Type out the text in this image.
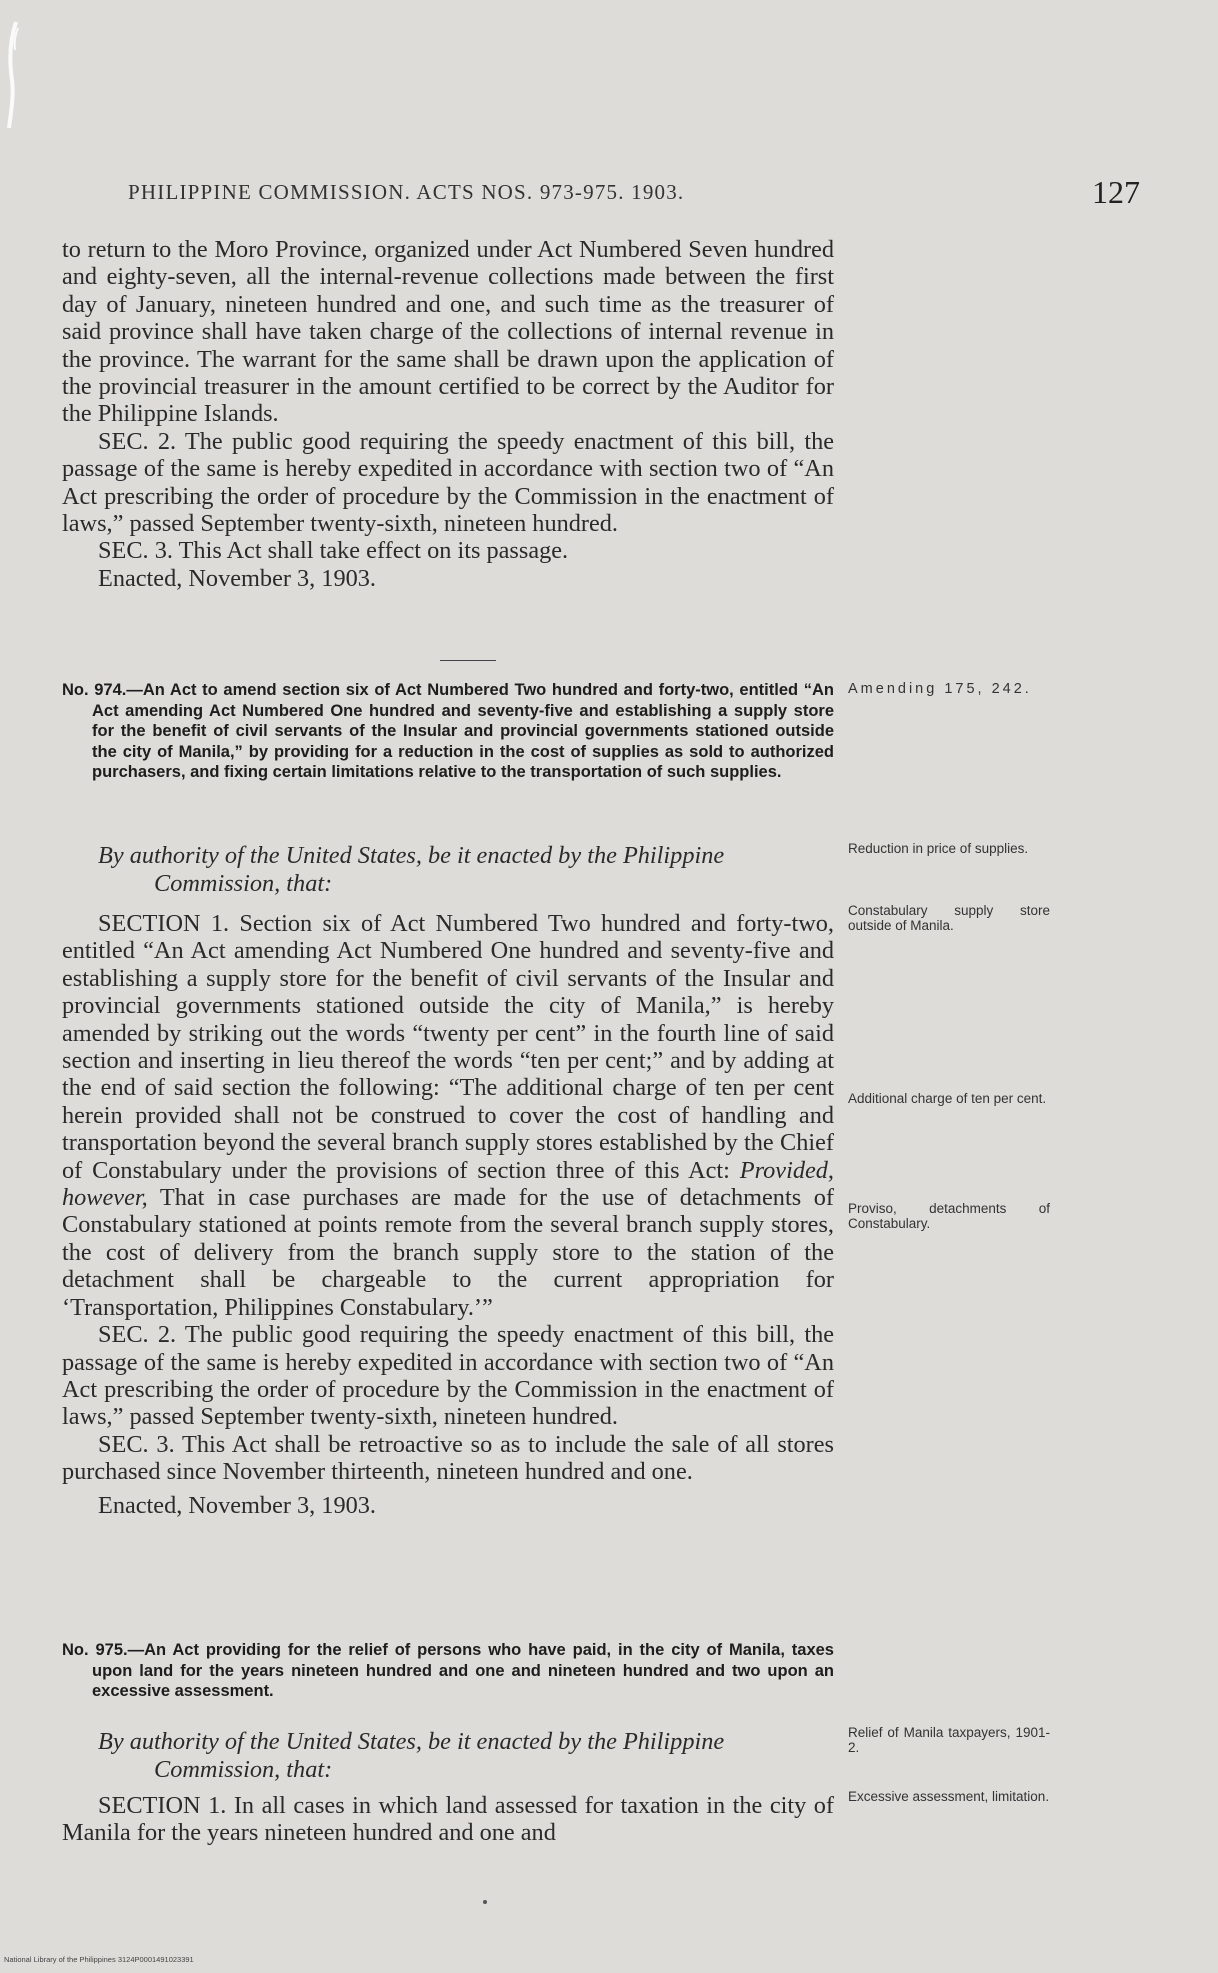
PHILIPPINE COMMISSION. ACTS NOS. 973-975. 1903.	127

to return to the Moro Province, organized under Act Numbered Seven hundred and eighty-seven, all the internal-revenue collections made between the first day of January, nineteen hundred and one, and such time as the treasurer of said province shall have taken charge of the collections of internal revenue in the province. The warrant for the same shall be drawn upon the application of the provincial treasurer in the amount certified to be correct by the Auditor for the Philippine Islands.

SEC. 2. The public good requiring the speedy enactment of this bill, the passage of the same is hereby expedited in accordance with section two of “An Act prescribing the order of procedure by the Commission in the enactment of laws,” passed September twenty-sixth, nineteen hundred.

SEC. 3. This Act shall take effect on its passage.

Enacted, November 3, 1903.

No. 974.—An Act to amend section six of Act Numbered Two hundred and forty-two, entitled “An Act amending Act Numbered One hundred and seventy-five and establishing a supply store for the benefit of civil servants of the Insular and provincial governments stationed outside the city of Manila,” by providing for a reduction in the cost of supplies as sold to authorized purchasers, and fixing certain limitations relative to the transportation of such supplies.

By authority of the United States, be it enacted by the Philippine
Commission, that:

SECTION 1. Section six of Act Numbered Two hundred and forty-two, entitled “An Act amending Act Numbered One hundred and seventy-five and establishing a supply store for the benefit of civil servants of the Insular and provincial governments stationed outside the city of Manila,” is hereby amended by striking out the words “twenty per cent” in the fourth line of said section and inserting in lieu thereof the words “ten per cent;” and by adding at the end of said section the following: “The additional charge of ten per cent herein provided shall not be construed to cover the cost of handling and transportation beyond the several branch supply stores established by the Chief of Constabulary under the provisions of section three of this Act: Provided, however, That in case purchases are made for the use of detachments of Constabulary stationed at points remote from the several branch supply stores, the cost of delivery from the branch supply store to the station of the detachment shall be chargeable to the current appropriation for ‘Transportation, Philippines Constabulary.’”

SEC. 2. The public good requiring the speedy enactment of this bill, the passage of the same is hereby expedited in accordance with section two of “An Act prescribing the order of procedure by the Commission in the enactment of laws,” passed September twenty-sixth, nineteen hundred.

SEC. 3. This Act shall be retroactive so as to include the sale of all stores purchased since November thirteenth, nineteen hundred and one.

Enacted, November 3, 1903.

No. 975.—An Act providing for the relief of persons who have paid, in the city of Manila, taxes upon land for the years nineteen hundred and one and nineteen hundred and two upon an excessive assessment.

By authority of the United States, be it enacted by the Philippine
Commission, that:

SECTION 1. In all cases in which land assessed for taxation in the city of Manila for the years nineteen hundred and one and

Amending 175, 242.
Reduction in price of supplies.
Constabulary supply store outside of Manila.
Additional charge of ten per cent.
Proviso, detachments of Constabulary.
Relief of Manila taxpayers, 1901-2.
Excessive assessment, limitation.
National Library of the Philippines 3124P0001491023391
